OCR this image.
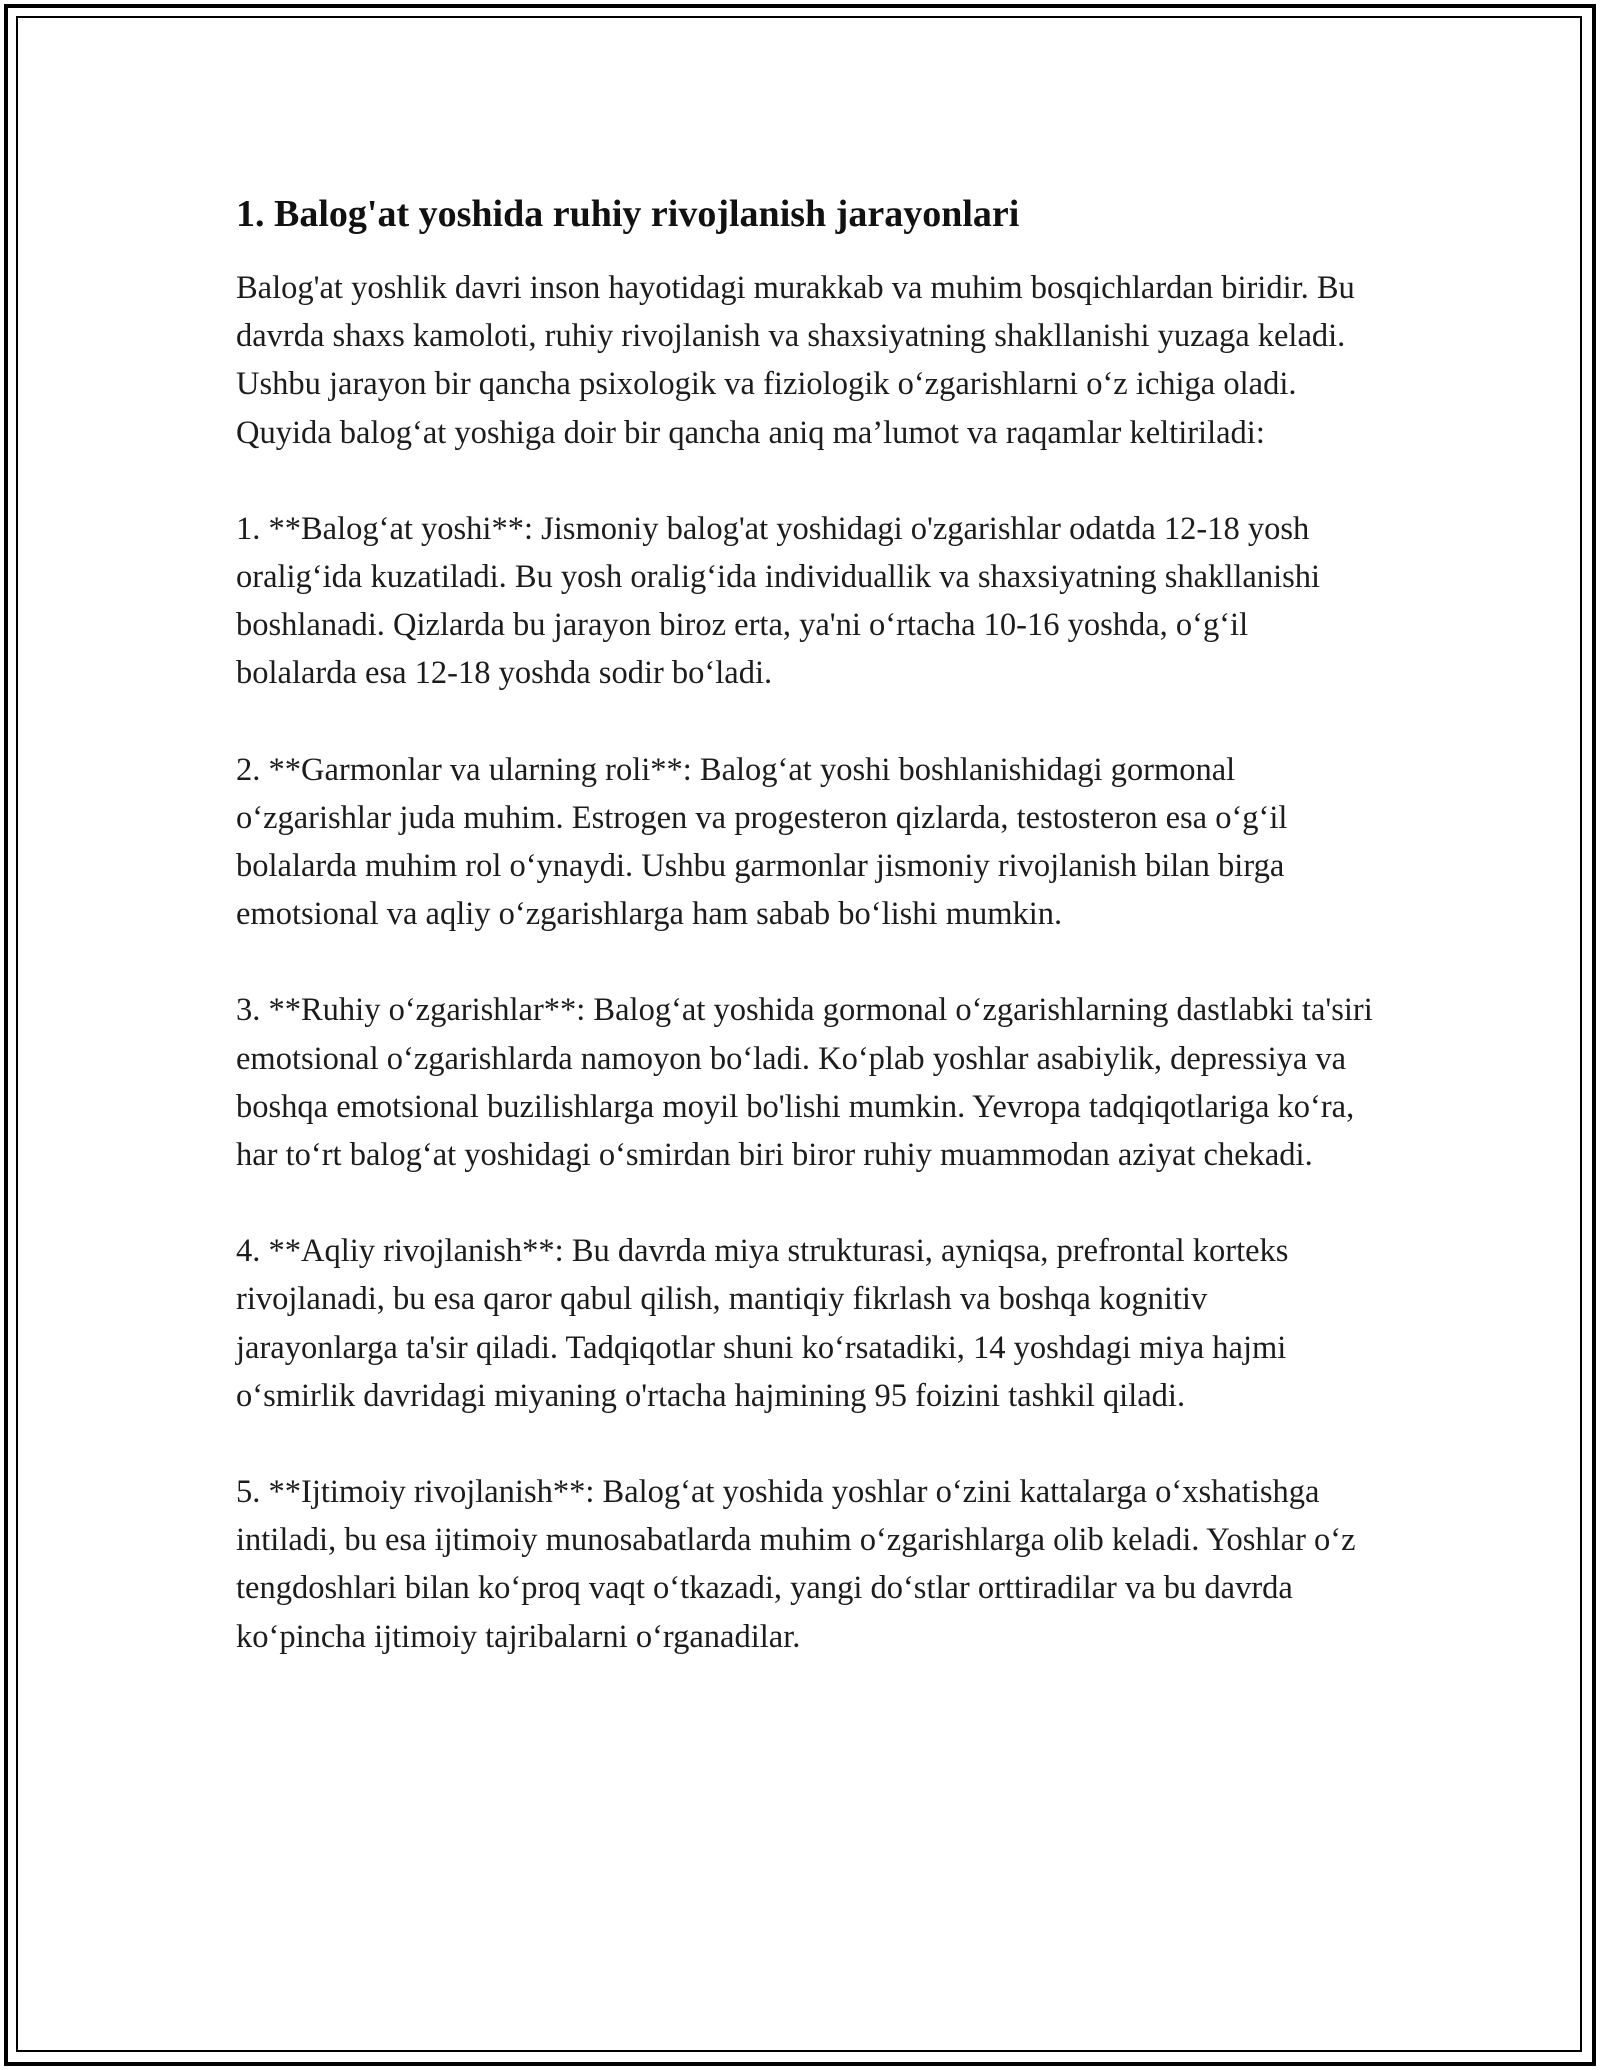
1. Balog'at yoshida ruhiy rivojlanish jarayonlari

Balog'at yoshlik davri inson hayotidagi murakkab va muhim bosqichlardan biridir. Bu davrda shaxs kamoloti, ruhiy rivojlanish va shaxsiyatning shakllanishi yuzaga keladi. Ushbu jarayon bir qancha psixologik va fiziologik o‘zgarishlarni o‘z ichiga oladi. Quyida balog‘at yoshiga doir bir qancha aniq ma’lumot va raqamlar keltiriladi:

1. **Balog‘at yoshi**: Jismoniy balog'at yoshidagi o'zgarishlar odatda 12-18 yosh oralig‘ida kuzatiladi. Bu yosh oralig‘ida individuallik va shaxsiyatning shakllanishi boshlanadi. Qizlarda bu jarayon biroz erta, ya'ni o‘rtacha 10-16 yoshda, o‘g‘il bolalarda esa 12-18 yoshda sodir bo‘ladi.

2. **Garmonlar va ularning roli**: Balog‘at yoshi boshlanishidagi gormonal o‘zgarishlar juda muhim. Estrogen va progesteron qizlarda, testosteron esa o‘g‘il bolalarda muhim rol o‘ynaydi. Ushbu garmonlar jismoniy rivojlanish bilan birga emotsional va aqliy o‘zgarishlarga ham sabab bo‘lishi mumkin.

3. **Ruhiy o‘zgarishlar**: Balog‘at yoshida gormonal o‘zgarishlarning dastlabki ta'siri emotsional o‘zgarishlarda namoyon bo‘ladi. Ko‘plab yoshlar asabiylik, depressiya va boshqa emotsional buzilishlarga moyil bo'lishi mumkin. Yevropa tadqiqotlariga ko‘ra, har to‘rt balog‘at yoshidagi o‘smirdan biri biror ruhiy muammodan aziyat chekadi.

4. **Aqliy rivojlanish**: Bu davrda miya strukturasi, ayniqsa, prefrontal korteks rivojlanadi, bu esa qaror qabul qilish, mantiqiy fikrlash va boshqa kognitiv jarayonlarga ta'sir qiladi. Tadqiqotlar shuni ko‘rsatadiki, 14 yoshdagi miya hajmi o‘smirlik davridagi miyaning o'rtacha hajmining 95 foizini tashkil qiladi.

5. **Ijtimoiy rivojlanish**: Balog‘at yoshida yoshlar o‘zini kattalarga o‘xshatishga intiladi, bu esa ijtimoiy munosabatlarda muhim o‘zgarishlarga olib keladi. Yoshlar o‘z tengdoshlari bilan ko‘proq vaqt o‘tkazadi, yangi do‘stlar orttiradilar va bu davrda ko‘pincha ijtimoiy tajribalarni o‘rganadilar.
